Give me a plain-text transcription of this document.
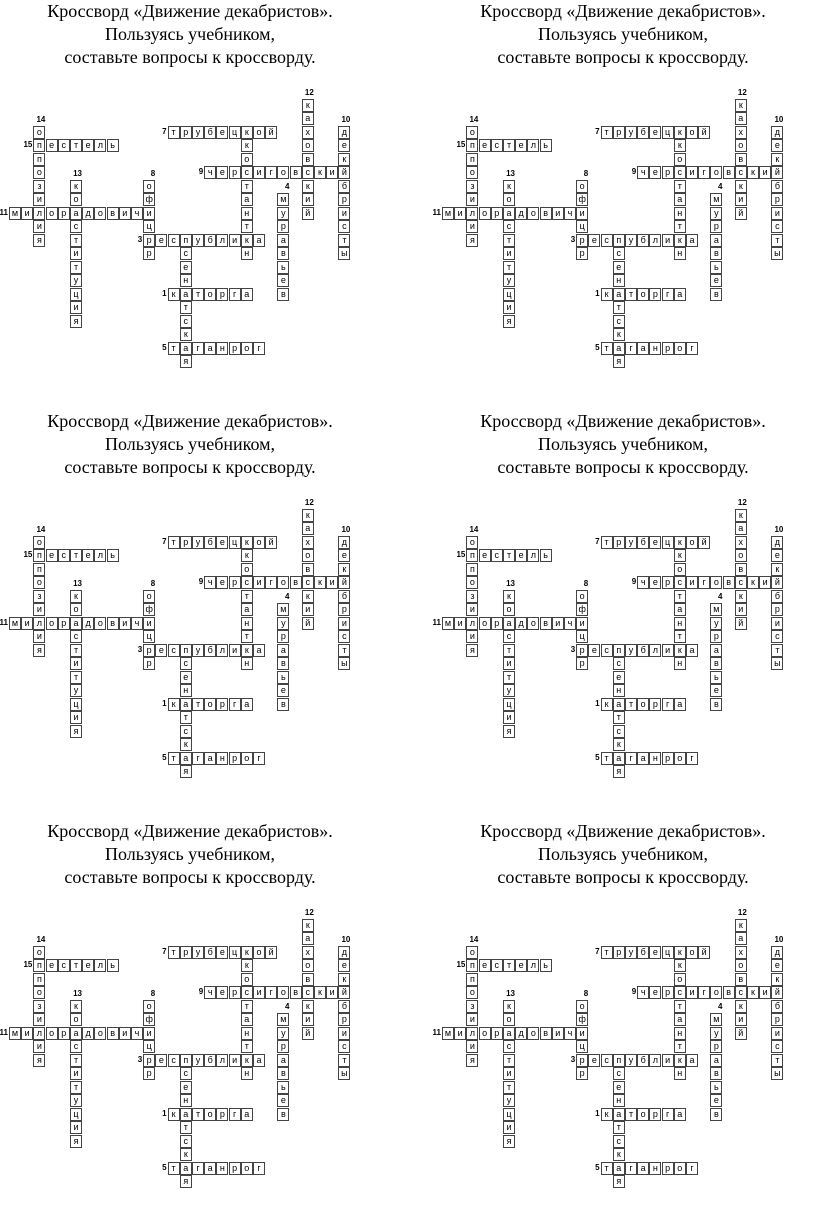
Кроссворд «Движение декабристов».
Пользуясь учебником,
составьте вопросы к кроссворду.
к а т о р г а
1
с
е
н
т
с
к
а
я
р е с п у б л и к а
3
м
у
р
а
в
ь
е
в
4
т	г а н р о г
5
к
о
с
т
а
н
т
н
т р у б е ц к о й
7
о
ф
и
ц
р
8	ч е р	и г о в с к и й
9
д
е
к
б
р
и
с
т
ы
10
м и л о р а д о в и ч
11
к
а
х
о
в
к
и
й
12
к
о
с
т
и
т
у
ц
и
я
13
о
п
п
о
з
и
и
я
14
е с т е л ь
15
Кроссворд «Движение декабристов».
Пользуясь учебником,
составьте вопросы к кроссворду.
к а т о р г а
1
с
е
н
т
с
к
а
я
р е с п у б л и к а
3
м
у
р
а
в
ь
е
в
4
т	г а н р о г
5
к
о
с
т
а
н
т
н
т р у б е ц к о й
7
о
ф
и
ц
р
8	ч е р	и г о в с к и й
9
д
е
к
б
р
и
с
т
ы
10
м и л о р а д о в и ч
11
к
а
х
о
в
к
и
й
12
к
о
с
т
и
т
у
ц
и
я
13
о
п
п
о
з
и
и
я
14
е с т е л ь
15
Кроссворд «Движение декабристов».
Пользуясь учебником,
составьте вопросы к кроссворду.
к а т о р г а
1
с
е
н
т
с
к
а
я
р е с п у б л и к а
3
м
у
р
а
в
ь
е
в
4
т	г а н р о г
5
к
о
с
т
а
н
т
н
т р у б е ц к о й
7
о
ф
и
ц
р
8	ч е р	и г о в с к и й
9
д
е
к
б
р
и
с
т
ы
10
м и л о р а д о в и ч
11
к
а
х
о
в
к
и
й
12
к
о
с
т
и
т
у
ц
и
я
13
о
п
п
о
з
и
и
я
14
е с т е л ь
15
Кроссворд «Движение декабристов».
Пользуясь учебником,
составьте вопросы к кроссворду.
к а т о р г а
1
с
е
н
т
с
к
а
я
р е с п у б л и к а
3
м
у
р
а
в
ь
е
в
4
т	г а н р о г
5
к
о
с
т
а
н
т
н
т р у б е ц к о й
7
о
ф
и
ц
р
8	ч е р	и г о в с к и й
9
д
е
к
б
р
и
с
т
ы
10
м и л о р а д о в и ч
11
к
а
х
о
в
к
и
й
12
к
о
с
т
и
т
у
ц
и
я
13
о
п
п
о
з
и
и
я
14
е с т е л ь
15
Кроссворд «Движение декабристов».
Пользуясь учебником,
составьте вопросы к кроссворду.
к а т о р г а
1
с
е
н
т
с
к
а
я
р е с п у б л и к а
3
м
у
р
а
в
ь
е
в
4
т	г а н р о г
5
к
о
с
т
а
н
т
н
т р у б е ц к о й
7
о
ф
и
ц
р
8	ч е р	и г о в с к и й
9
д
е
к
б
р
и
с
т
ы
10
м и л о р а д о в и ч
11
к
а
х
о
в
к
и
й
12
к
о
с
т
и
т
у
ц
и
я
13
о
п
п
о
з
и
и
я
14
е с т е л ь
15
Кроссворд «Движение декабристов».
Пользуясь учебником,
составьте вопросы к кроссворду.
к а т о р г а
1
с
е
н
т
с
к
а
я
р е с п у б л и к а
3
м
у
р
а
в
ь
е
в
4
т	г а н р о г
5
к
о
с
т
а
н
т
н
т р у б е ц к о й
7
о
ф
и
ц
р
8	ч е р	и г о в с к и й
9
д
е
к
б
р
и
с
т
ы
10
м и л о р а д о в и ч
11
к
а
х
о
в
к
и
й
12
к
о
с
т
и
т
у
ц
и
я
13
о
п
п
о
з
и
и
я
14
е с т е л ь
15
